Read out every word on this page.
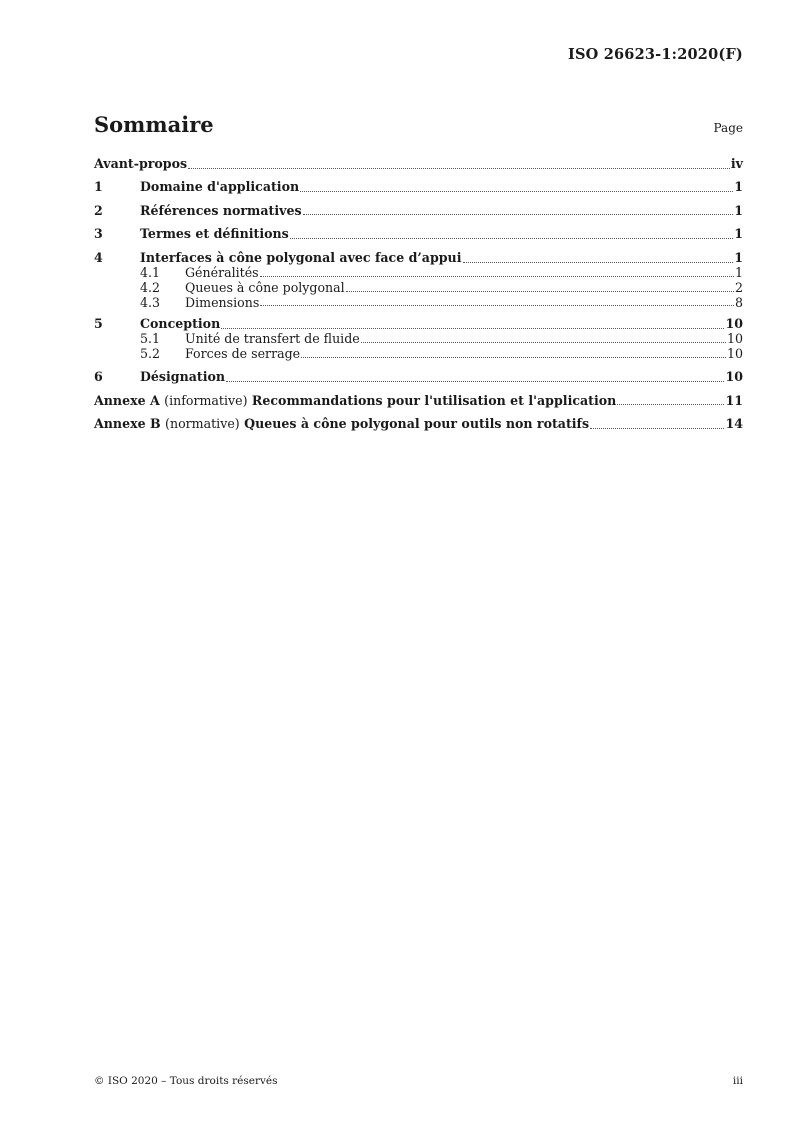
ISO 26623-1:2020(F)
Sommaire	Page
Avant-propos	iv
1	Domaine d'application	1
2	Références normatives	1
3	Termes et définitions	1
4	Interfaces à cône polygonal avec face d’appui	1
4.1	Généralités	1
4.2	Queues à cône polygonal	2
4.3	Dimensions	8
5	Conception	10
5.1	Unité de transfert de fluide	10
5.2	Forces de serrage	10
6	Désignation	10
Annexe A (informative) Recommandations pour l'utilisation et l'application	11
Annexe B (normative) Queues à cône polygonal pour outils non rotatifs	14
© ISO 2020 – Tous droits réservés	iii
